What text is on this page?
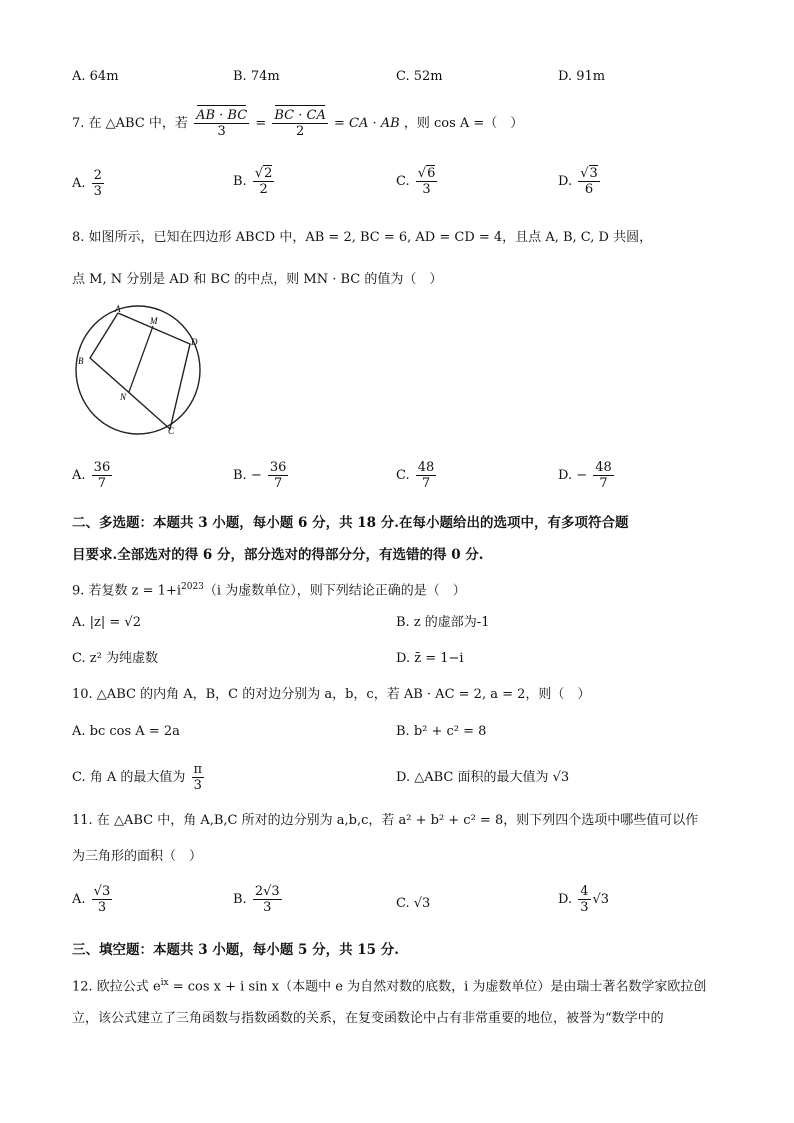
A. 64m	B. 74m	C. 52m	D. 91m
7. 在 △ABC 中，若 $\frac{AB \cdot BC}{3} = \frac{BC \cdot CA}{2}$ = CA · AB ，则 cos A =（　）
A. $\frac{2}{3}$	B. $\frac{√2}{2}$	C. $\frac{√6}{3}$	D. $\frac{√3}{6}$
8. 如图所示，已知在四边形 ABCD 中，AB = 2, BC = 6, AD = CD = 4，且点 A, B, C, D 共圆，
点 M, N 分别是 AD 和 BC 的中点，则 MN · BC 的值为（　）
A
M
D
B
N
C
A. $\frac{36}{7}$	B. − $\frac{36}{7}$	C. $\frac{48}{7}$	D. − $\frac{48}{7}$
二、多选题：本题共 3 小题，每小题 6 分，共 18 分.在每小题给出的选项中，有多项符合题
目要求.全部选对的得 6 分，部分选对的得部分分，有选错的得 0 分.
9. 若复数 $z = 1+i^{2023}(i$ 为虚数单位），则下列结论正确的是（　）
A. |z| = √2	B. z 的虚部为-1
C. z² 为纯虚数	D. z̄ = 1−i
10. △ABC 的内角 A，B，C 的对边分别为 a，b，c，若 AB · AC = 2, a = 2，则（　）
A. bc cos A = 2a	B. b² + c² = 8
C. 角 A 的最大值为 $\frac{\pi}{3}$	D. △ABC 面积的最大值为 √3
11. 在 △ABC 中，角 A,B,C 所对的边分别为 a,b,c，若 a² + b² + c² = 8，则下列四个选项中哪些值可以作
为三角形的面积（　）
A. $\frac{√3}{3}$	B. $\frac{2√3}{3}$	C. √3	D. $\frac{4}{3} √3$
三、填空题：本题共 3 小题，每小题 5 分，共 15 分.
12. 欧拉公式 $e^{ix} = \cos x + i$ sin x（本题中 e 为自然对数的底数，i 为虚数单位）是由瑞士著名数学家欧拉创
立，该公式建立了三角函数与指数函数的关系，在复变函数论中占有非常重要的地位，被誉为“数学中的
